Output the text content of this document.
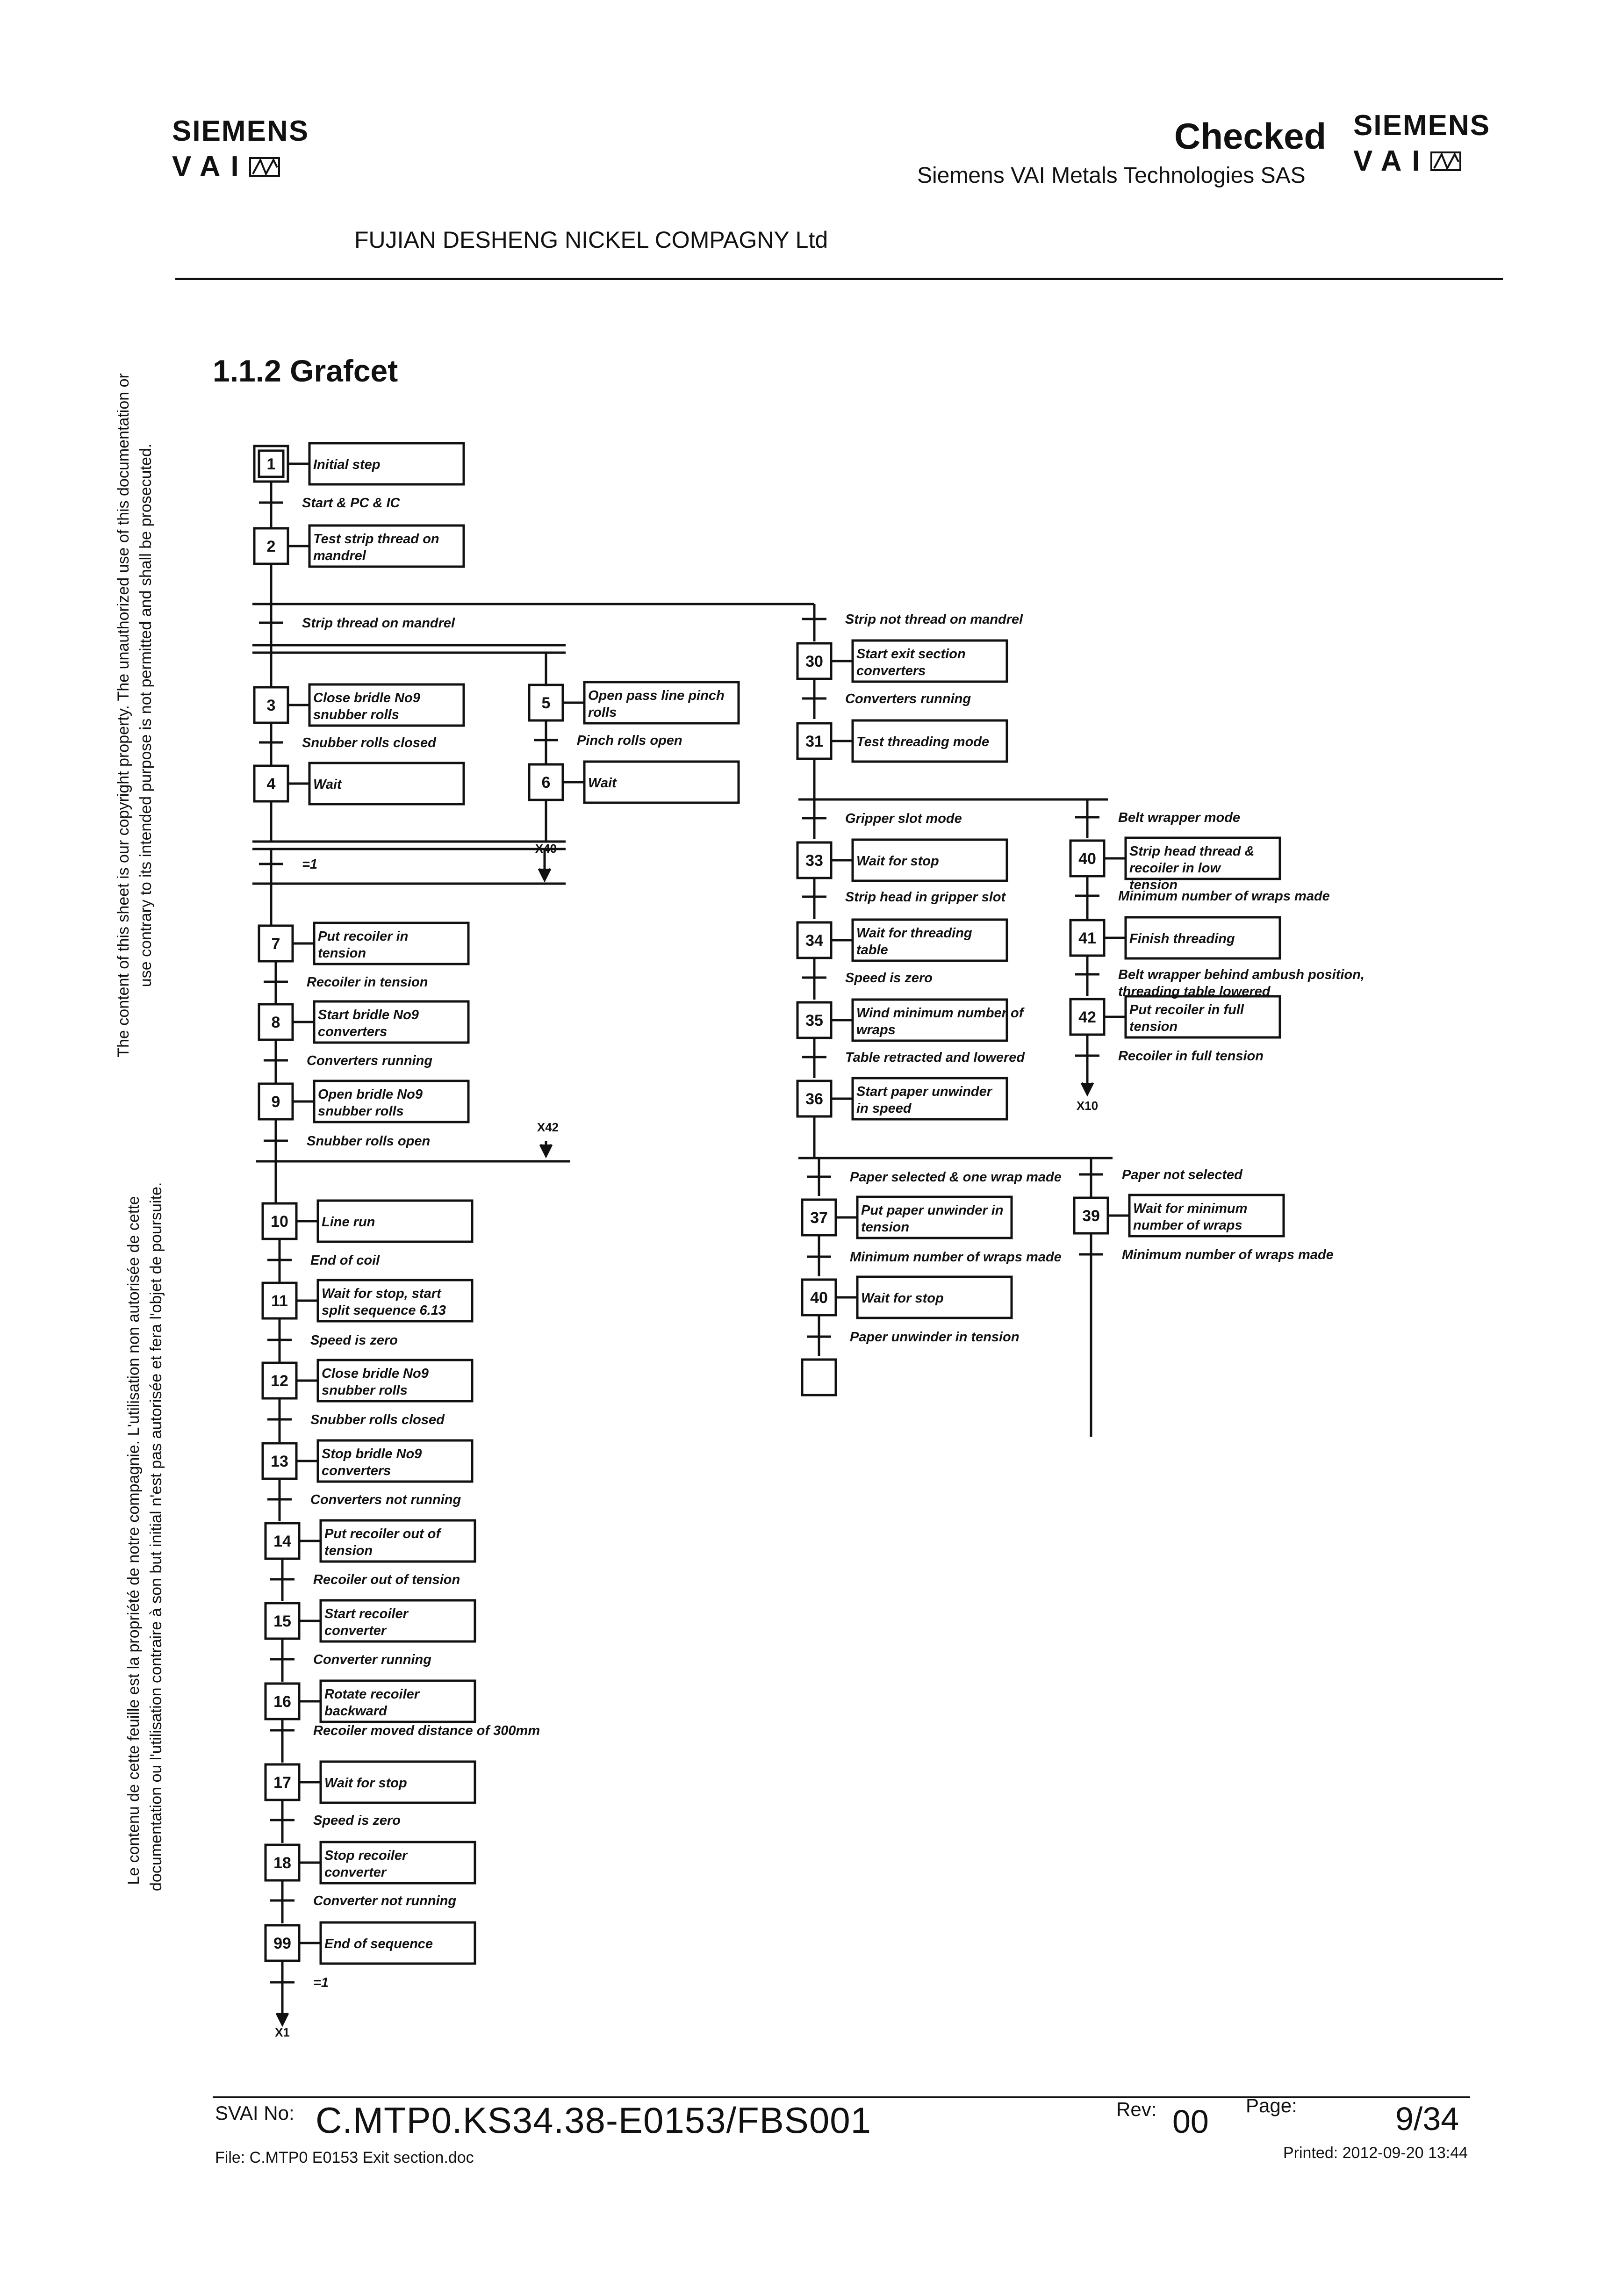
SIEMENS
VAI
Checked
Siemens VAI Metals Technologies SAS
SIEMENS
VAI
FUJIAN DESHENG NICKEL COMPAGNY Ltd
1.1.2 Grafcet
The content of this sheet is our copyright property. The unauthorized use of this documentation or use contrary to its intended purpose is not permitted and shall be prosecuted.
Le contenu de cette feuille est la propriété de notre compagnie. L'utilisation non autorisée de cette documentation ou l'utilisation contraire à son but initial n'est pas autorisée et fera l'objet de poursuite.
1	Initial step
Start & PC & IC
2	Test strip thread on
mandrel
Strip thread on mandrel	Strip not thread on mandrel
3	Close bridle No9
snubber rolls
5	Open pass line pinch
rolls
Snubber rolls closed	Pinch rolls open
4	Wait	6	Wait
=1
X40
7	Put recoiler in
tension
Recoiler in tension
8	Start bridle No9
converters
Converters running
9	Open bridle No9
snubber rolls
Snubber rolls open
X42
10 Line run
End of coil
11 Wait for stop, start
split sequence 6.13
Speed is zero
12 Close bridle No9
snubber rolls
Snubber rolls closed
13 Stop bridle No9
converters
Converters not running
14 Put recoiler out of
tension
Recoiler out of tension
15 Start recoiler
converter
Converter running
16 Rotate recoiler
backward
Recoiler moved distance of 300mm
17 Wait for stop
Speed is zero
18 Stop recoiler
converter
Converter not running
99 End of sequence
=1
X1
30 Start exit section
converters
Converters running
31 Test threading mode
Gripper slot mode	Belt wrapper mode
33 Wait for stop	40 Strip head thread &
recoiler in low
tension
Strip head in gripper slot	Minimum number of wraps made
34 Wait for threading
table
41 Finish threading
Speed is zero	Belt wrapper behind ambush position,
threading table lowered
35 Wind minimum number of
wraps
42 Put recoiler in full
tension
Table retracted and lowered	Recoiler in full tension
X10
36 Start paper unwinder
in speed
Paper selected & one wrap made	Paper not selected
37 Put paper unwinder in
tension
39 Wait for minimum
number of wraps
Minimum number of wraps made	Minimum number of wraps made
40 Wait for stop
Paper unwinder in tension
SVAI No: C.MTP0.KS34.38-E0153/FBS001	Rev: 00 Page:	9/34
File: C.MTP0 E0153 Exit section.doc	Printed: 2012-09-20 13:44
